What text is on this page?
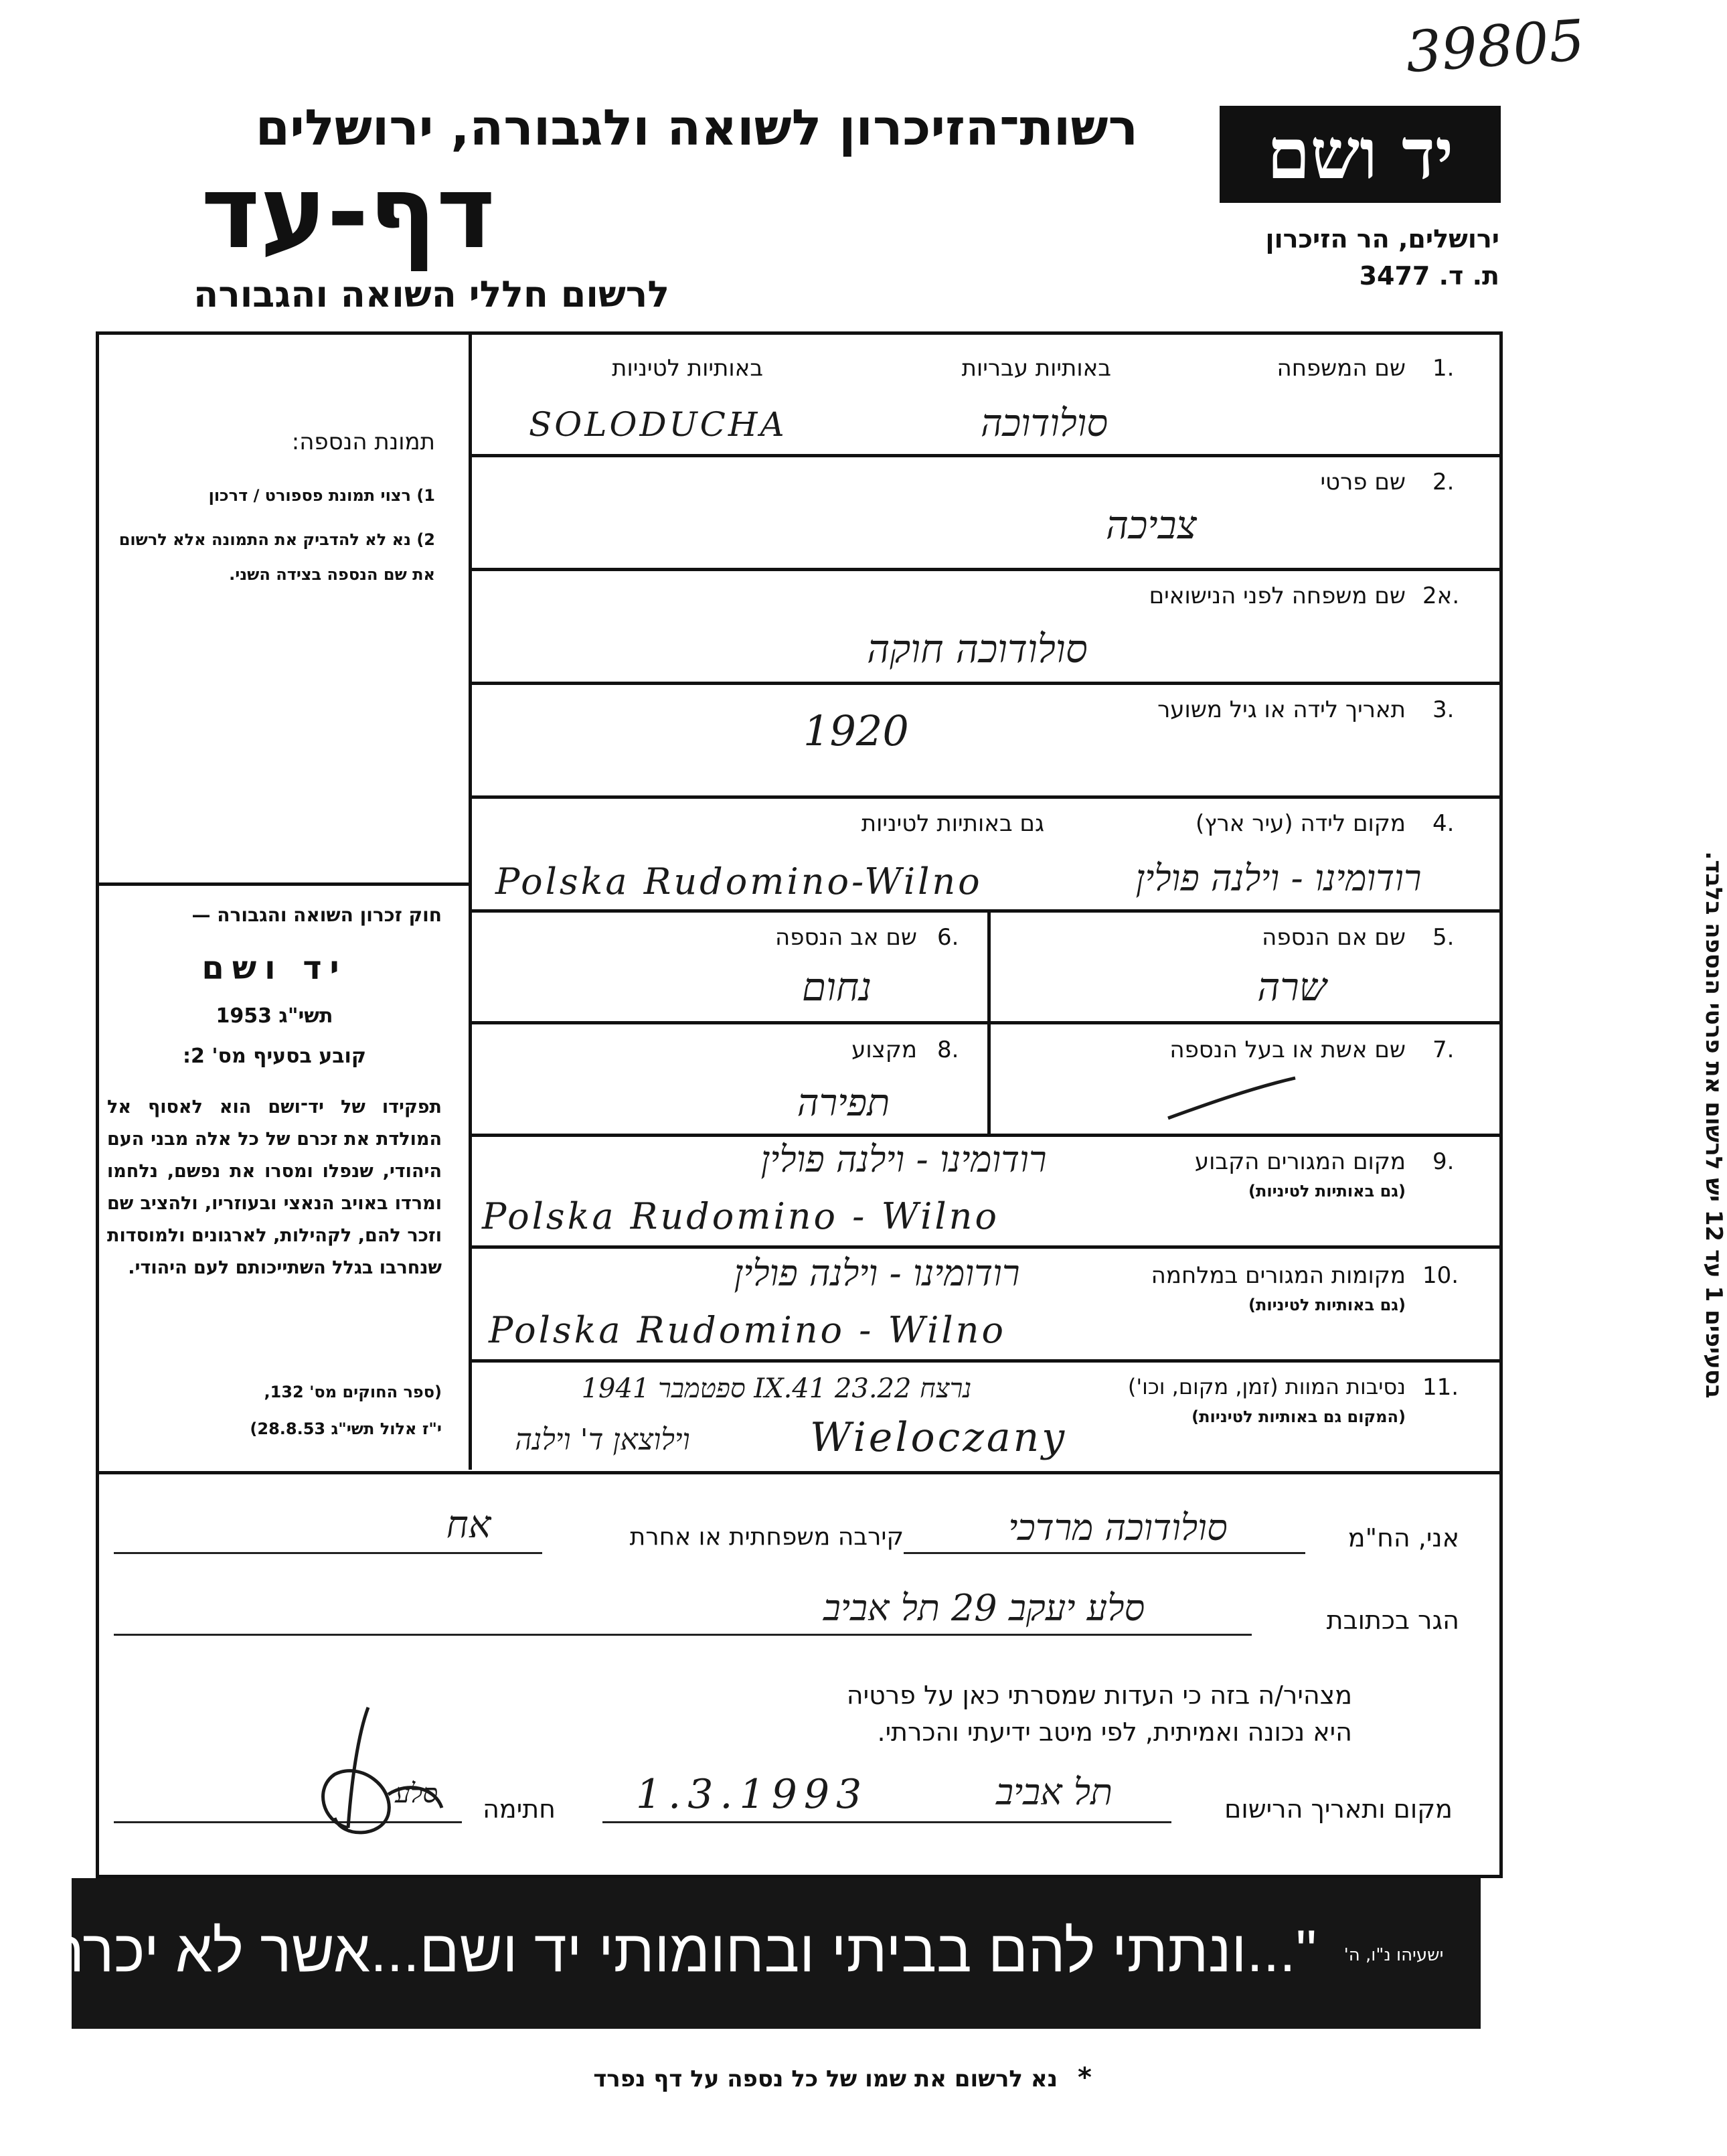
39805
רשות־הזיכרון לשואה ולגבורה, ירושלים
דף-עד
לרשום חללי השואה והגבורה
יד ושם
ירושלים, הר הזיכרון
ת. ד. 3477
תמונת הנספה:
1) רצוי תמונת פספורט / דרכון
2) נא לא להדביק את התמונה אלא לרשום את שם הנספה בצידה השני.
חוק זכרון השואה והגבורה —
יד ושם
תשי"ג 1953
קובע בסעיף מס' 2:
תפקידו של יד־ושם הוא לאסוף אל המולדת את זכרם של כל אלה מבני העם היהודי, שנפלו ומסרו את נפשם, נלחמו ומרדו באויב הנאצי ובעוזריו, ולהציב שם וזכר להם, לקהילות, לארגונים ולמוסדות שנחרבו בגלל השתייכותם לעם היהודי.
(ספר החוקים מס' 132,
י"ז אלול תשי"ג 28.8.53)
1.
שם המשפחה
באותיות עבריות
באותיות לטיניות
סולודוכה
SOLODUCHA
2.
שם פרטי
צביכה
2א.
שם משפחה לפני הנישואים
סולודוכה חוקה
3.
תאריך לידה או גיל משוער
1920
4.
מקום לידה (עיר ארץ)
גם באותיות לטיניות
רודומינו - וילנה פולין
Polska Rudomino-Wilno
5.
שם אם הנספה
שרה
6.
שם אב הנספה
נחום
7.
שם אשת או בעל הנספה
8.
מקצוע
תפירה
9.
מקום המגורים הקבוע
(גם באותיות לטיניות)
רודומינו - וילנה פולין
Polska Rudomino - Wilno
10.
מקומות המגורים במלחמה
(גם באותיות לטיניות)
רודומינו - וילנה פולין
Polska Rudomino - Wilno
11.
נסיבות המוות (זמן, מקום, וכו')
(המקום גם באותיות לטיניות)
נרצח 22.IX.41 23 ספטמבר 1941
וילוצאן ד' וילנה	Wieloczany
בסעיפים 1 עד 12 יש לרשום את פרטי הנספה בלבד.
אני, הח"מ
סולודוכה מרדכי
קירבה משפחתית או אחרת
אח
הגר בכתובת
סלע יעקב 29 תל אביב
מצהיר/ה בזה כי העדות שמסרתי כאן על פרטיה
היא נכונה ואמיתית, לפי מיטב ידיעתי והכרתי.
מקום ותאריך הרישום
תל אביב
1.3.1993
חתימה
סלע
"...ונתתי להם בביתי ובחומותי יד ושם...אשר לא יכרת"	ישעיהו נ"ו, ה'
*
נא לרשום את שמו של כל נספה על דף נפרד
